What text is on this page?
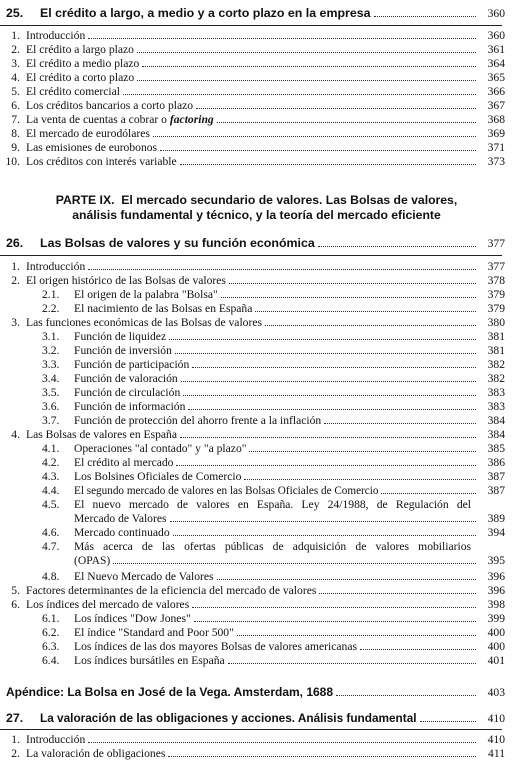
25.	El crédito a largo, a medio y a corto plazo en la empresa	360
1. Introducción	360
2. El crédito a largo plazo	361
3. El crédito a medio plazo	364
4. El crédito a corto plazo	365
5. El crédito comercial	366
6. Los créditos bancarios a corto plazo	367
7. La venta de cuentas a cobrar o factoring	368
8. El mercado de eurodólares	369
9. Las emisiones de eurobonos	371
10. Los créditos con interés variable	373
PARTE IX.  El mercado secundario de valores. Las Bolsas de valores,
análisis fundamental y técnico, y la teoría del mercado eficiente
26.	Las Bolsas de valores y su función económica	377
1. Introducción	377
2. El origen histórico de las Bolsas de valores	378
2.1.	El origen de la palabra "Bolsa"	379
2.2.	El nacimiento de las Bolsas en España	379
3. Las funciones económicas de las Bolsas de valores	380
3.1.	Función de liquidez	381
3.2.	Función de inversión	381
3.3.	Función de participación	382
3.4.	Función de valoración	382
3.5.	Función de circulación	383
3.6.	Función de información	383
3.7.	Función de protección del ahorro frente a la inflación	384
4. Las Bolsas de valores en España	384
4.1.	Operaciones "al contado" y "a plazo"	385
4.2.	El crédito al mercado	386
4.3.	Los Bolsines Oficiales de Comercio	387
4.4.	El segundo mercado de valores en las Bolsas Oficiales de Comercio	387
4.5.	El nuevo mercado de valores en España. Ley 24/1988, de Regulación del
Mercado de Valores	389
4.6.	Mercado continuado	394
4.7.	Más acerca de las ofertas públicas de adquisición de valores mobiliarios
(OPAS)	395
4.8.	El Nuevo Mercado de Valores	396
5. Factores determinantes de la eficiencia del mercado de valores	396
6. Los índices del mercado de valores	398
6.1.	Los índices "Dow Jones"	399
6.2.	El índice "Standard and Poor 500"	400
6.3.	Los índices de las dos mayores Bolsas de valores americanas	400
6.4.	Los índices bursátiles en España	401
Apéndice: La Bolsa en José de la Vega. Amsterdam, 1688	403
27.	La valoración de las obligaciones y acciones. Análisis fundamental	410
1. Introducción	410
2. La valoración de obligaciones	411
